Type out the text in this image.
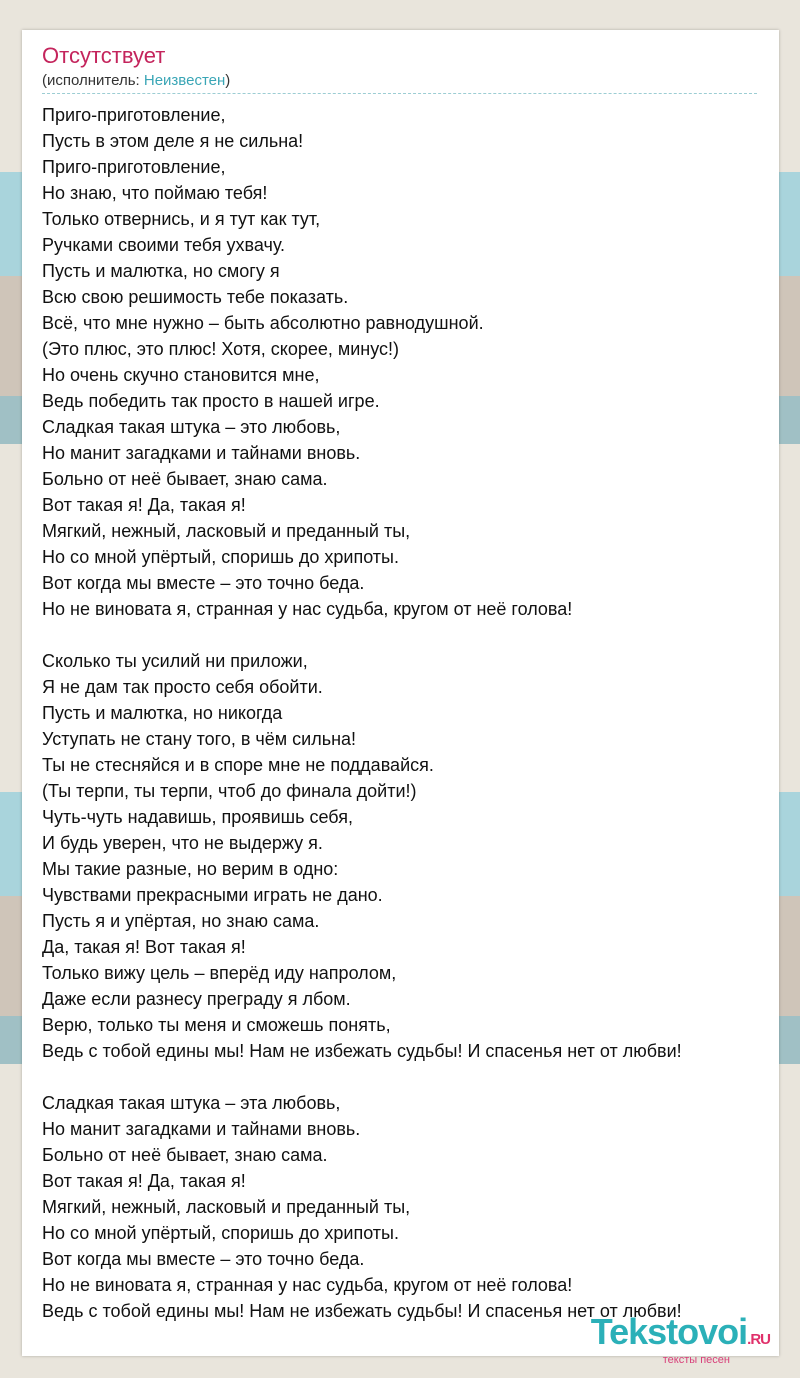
Отсутствует
(исполнитель: Неизвестен)
Приго-приготовление,
Пусть в этом деле я не сильна!
Приго-приготовление,
Но знаю, что поймаю тебя!
Только отвернись, и я тут как тут,
Ручками своими тебя ухвачу.
Пусть и малютка, но смогу я
Всю свою решимость тебе показать.
Всё, что мне нужно – быть абсолютно равнодушной.
(Это плюс, это плюс! Хотя, скорее, минус!)
Но очень скучно становится мне,
Ведь победить так просто в нашей игре.
Сладкая такая штука – это любовь,
Но манит загадками и тайнами вновь.
Больно от неё бывает, знаю сама.
Вот такая я! Да, такая я!
Мягкий, нежный, ласковый и преданный ты,
Но со мной упёртый, споришь до хрипоты.
Вот когда мы вместе – это точно беда.
Но не виновата я, странная у нас судьба, кругом от неё голова!
Сколько ты усилий ни приложи,
Я не дам так просто себя обойти.
Пусть и малютка, но никогда
Уступать не стану того, в чём сильна!
Ты не стесняйся и в споре мне не поддавайся.
(Ты терпи, ты терпи, чтоб до финала дойти!)
Чуть-чуть надавишь, проявишь себя,
И будь уверен, что не выдержу я.
Мы такие разные, но верим в одно:
Чувствами прекрасными играть не дано.
Пусть я и упёртая, но знаю сама.
Да, такая я! Вот такая я!
Только вижу цель – вперёд иду напролом,
Даже если разнесу преграду я лбом.
Верю, только ты меня и сможешь понять,
Ведь с тобой едины мы! Нам не избежать судьбы! И спасенья нет от любви!
Сладкая такая штука – эта любовь,
Но манит загадками и тайнами вновь.
Больно от неё бывает, знаю сама.
Вот такая я! Да, такая я!
Мягкий, нежный, ласковый и преданный ты,
Но со мной упёртый, споришь до хрипоты.
Вот когда мы вместе – это точно беда.
Но не виновата я, странная у нас судьба, кругом от неё голова!
Ведь с тобой едины мы! Нам не избежать судьбы! И спасенья нет от любви!
Tekstovoi.RU
тексты песен
